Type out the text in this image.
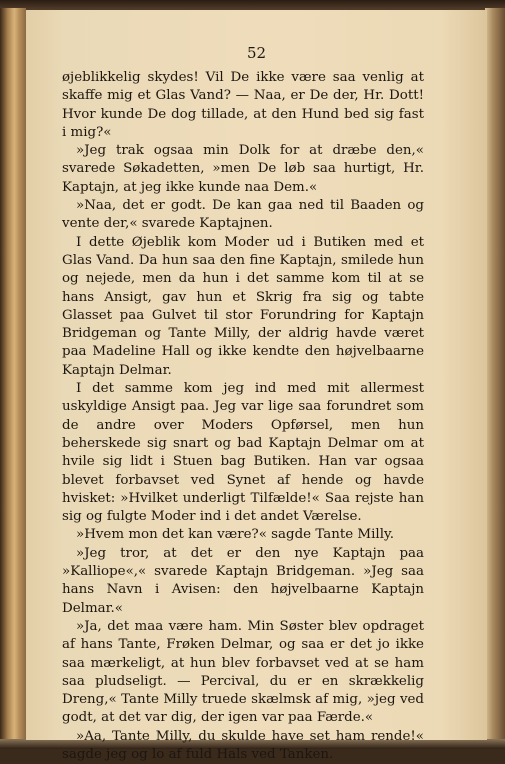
52

øjeblikkelig skydes! Vil De ikke være saa venlig at skaffe mig et Glas Vand? — Naa, er De der, Hr. Dott! Hvor kunde De dog tillade, at den Hund bed sig fast i mig?«

»Jeg trak ogsaa min Dolk for at dræbe den,« svarede Søkadetten, »men De løb saa hurtigt, Hr. Kaptajn, at jeg ikke kunde naa Dem.«

»Naa, det er godt. De kan gaa ned til Baaden og vente der,« svarede Kaptajnen.

I dette Øjeblik kom Moder ud i Butiken med et Glas Vand. Da hun saa den fine Kaptajn, smilede hun og nejede, men da hun i det samme kom til at se hans Ansigt, gav hun et Skrig fra sig og tabte Glasset paa Gulvet til stor Forundring for Kaptajn Bridgeman og Tante Milly, der aldrig havde været paa Madeline Hall og ikke kendte den højvelbaarne Kaptajn Delmar.

I det samme kom jeg ind med mit allermest uskyldige Ansigt paa. Jeg var lige saa forundret som de andre over Moders Opførsel, men hun beherskede sig snart og bad Kaptajn Delmar om at hvile sig lidt i Stuen bag Butiken. Han var ogsaa blevet forbavset ved Synet af hende og havde hvisket: »Hvilket underligt Tilfælde!« Saa rejste han sig og fulgte Moder ind i det andet Værelse.

»Hvem mon det kan være?« sagde Tante Milly.

»Jeg tror, at det er den nye Kaptajn paa »Kalliope«,« svarede Kaptajn Bridgeman. »Jeg saa hans Navn i Avisen: den højvelbaarne Kaptajn Delmar.«

»Ja, det maa være ham. Min Søster blev opdraget af hans Tante, Frøken Delmar, og saa er det jo ikke saa mærkeligt, at hun blev forbavset ved at se ham saa pludseligt. — Percival, du er en skrækkelig Dreng,« Tante Milly truede skælmsk af mig, »jeg ved godt, at det var dig, der igen var paa Færde.«

»Aa, Tante Milly, du skulde have set ham rende!« sagde jeg og lo af fuld Hals ved Tanken.
